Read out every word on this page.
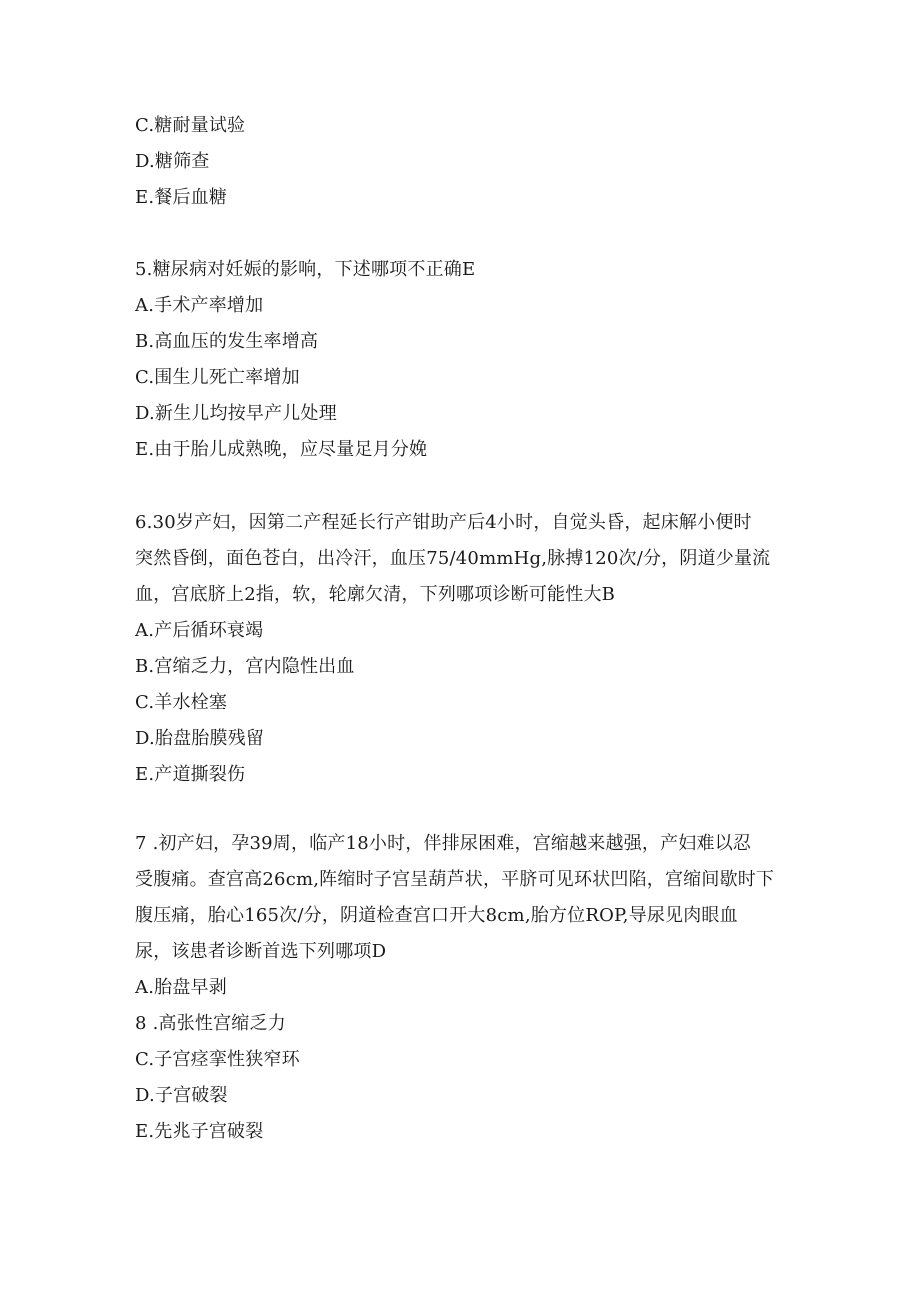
C.糖耐量试验
D.糖筛查
E.餐后血糖
5.糖尿病对妊娠的影响，下述哪项不正确E
A.手术产率增加
B.高血压的发生率增高
C.围生儿死亡率增加
D.新生儿均按早产儿处理
E.由于胎儿成熟晚，应尽量足月分娩
6.30岁产妇，因第二产程延长行产钳助产后4小时，自觉头昏，起床解小便时
突然昏倒，面色苍白，出冷汗，血压75/40mmHg,脉搏120次/分，阴道少量流
血，宫底脐上2指，软，轮廓欠清，下列哪项诊断可能性大B
A.产后循环衰竭
B.宫缩乏力，宫内隐性出血
C.羊水栓塞
D.胎盘胎膜残留
E.产道撕裂伤
7 .初产妇，孕39周，临产18小时，伴排尿困难，宫缩越来越强，产妇难以忍
受腹痛。查宫高26cm,阵缩时子宫呈葫芦状，平脐可见环状凹陷，宫缩间歇时下
腹压痛，胎心165次/分，阴道检查宫口开大8cm,胎方位ROP,导尿见肉眼血
尿，该患者诊断首选下列哪项D
A.胎盘早剥
8 .高张性宫缩乏力
C.子宫痉挛性狭窄环
D.子宫破裂
E.先兆子宫破裂
